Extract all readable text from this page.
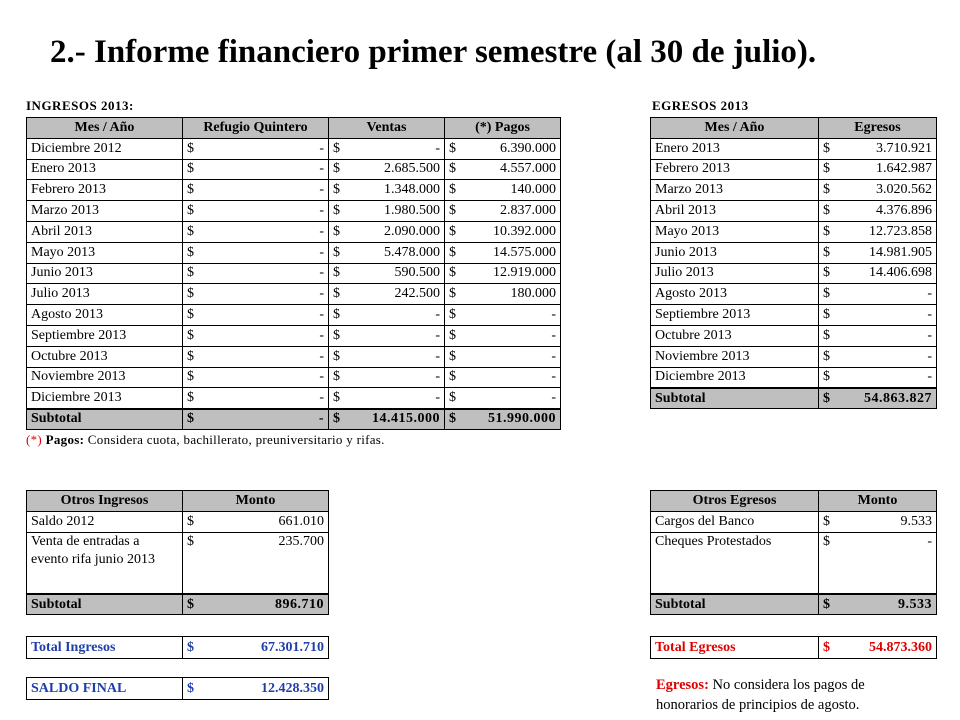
2.- Informe financiero primer semestre (al 30 de julio).
INGRESOS 2013:	EGRESOS 2013
Mes / Año	Refugio Quintero	Ventas	(*) Pagos
Diciembre 2012	$ -	$ -	$ 6.390.000

Enero 2013	$ -	$ 2.685.500	$ 4.557.000

Febrero 2013	$ -	$ 1.348.000	$ 140.000

Marzo 2013	$ -	$ 1.980.500	$ 2.837.000

Abril 2013	$ -	$ 2.090.000	$ 10.392.000

Mayo 2013	$ -	$ 5.478.000	$ 14.575.000

Junio 2013	$ -	$ 590.500	$ 12.919.000

Julio 2013	$ -	$ 242.500	$ 180.000

Agosto 2013	$ -	$ -	$ -

Septiembre 2013	$ -	$ -	$ -

Octubre 2013	$ -	$ -	$ -

Noviembre 2013	$ -	$ -	$ -

Diciembre 2013	$ -	$ -	$ -

Subtotal	$ -	$ 14.415.000	$ 51.990.000
(*) Pagos: Considera cuota, bachillerato, preuniversitario y rifas.
Mes / Año	Egresos
Enero 2013	$ 3.710.921

Febrero 2013	$ 1.642.987

Marzo 2013	$ 3.020.562

Abril 2013	$ 4.376.896

Mayo 2013	$ 12.723.858

Junio 2013	$ 14.981.905

Julio 2013	$ 14.406.698

Agosto 2013	$ -

Septiembre 2013	$ -

Octubre 2013	$ -

Noviembre 2013	$ -

Diciembre 2013	$ -

Subtotal	$ 54.863.827
Otros Ingresos	Monto
Saldo 2012	$ 661.010

Venta de entradas a evento rifa junio 2013	$ 235.700

Subtotal	$ 896.710
Otros Egresos	Monto
Cargos del Banco	$ 9.533

Cheques Protestados	$ -

Subtotal	$ 9.533
Total Ingresos	$	67.301.710
SALDO FINAL	$	12.428.350
Total Egresos	$	54.873.360
Egresos: No considera los pagos de
honorarios de principios de agosto.
